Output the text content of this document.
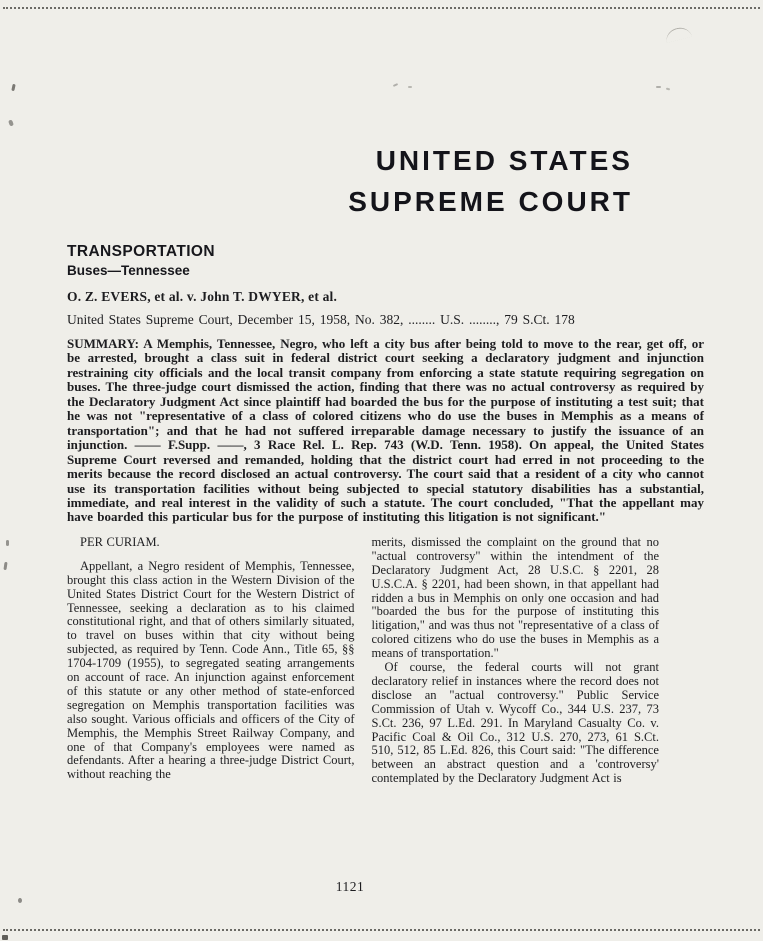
UNITED STATES
SUPREME COURT
TRANSPORTATION
Buses—Tennessee

O. Z. EVERS, et al. v. John T. DWYER, et al.

United States Supreme Court, December 15, 1958, No. 382, ........ U.S. ........, 79 S.Ct. 178

SUMMARY: A Memphis, Tennessee, Negro, who left a city bus after being told to move to the rear, get off, or be arrested, brought a class suit in federal district court seeking a declaratory judgment and injunction restraining city officials and the local transit company from enforcing a state statute requiring segregation on buses. The three-judge court dismissed the action, finding that there was no actual controversy as required by the Declaratory Judgment Act since plaintiff had boarded the bus for the purpose of instituting a test suit; that he was not "representative of a class of colored citizens who do use the buses in Memphis as a means of transportation"; and that he had not suffered irreparable damage necessary to justify the issuance of an injunction. —— F.Supp. ——, 3 Race Rel. L. Rep. 743 (W.D. Tenn. 1958). On appeal, the United States Supreme Court reversed and remanded, holding that the district court had erred in not proceeding to the merits because the record disclosed an actual controversy. The court said that a resident of a city who cannot use its transportation facilities without being subjected to special statutory disabilities has a substantial, immediate, and real interest in the validity of such a statute. The court concluded, "That the appellant may have boarded this particular bus for the purpose of instituting this litigation is not significant."

PER CURIAM.

Appellant, a Negro resident of Memphis, Tennessee, brought this class action in the Western Division of the United States District Court for the Western District of Tennessee, seeking a declaration as to his claimed constitutional right, and that of others similarly situated, to travel on buses within that city without being subjected, as required by Tenn. Code Ann., Title 65, §§ 1704-1709 (1955), to segregated seating arrangements on account of race. An injunction against enforcement of this statute or any other method of state-enforced segregation on Memphis transportation facilities was also sought. Various officials and officers of the City of Memphis, the Memphis Street Railway Company, and one of that Company's employees were named as defendants. After a hearing a three-judge District Court, without reaching the

merits, dismissed the complaint on the ground that no "actual controversy" within the intendment of the Declaratory Judgment Act, 28 U.S.C. § 2201, 28 U.S.C.A. § 2201, had been shown, in that appellant had ridden a bus in Memphis on only one occasion and had "boarded the bus for the purpose of instituting this litigation," and was thus not "representative of a class of colored citizens who do use the buses in Memphis as a means of transportation."

Of course, the federal courts will not grant declaratory relief in instances where the record does not disclose an "actual controversy." Public Service Commission of Utah v. Wycoff Co., 344 U.S. 237, 73 S.Ct. 236, 97 L.Ed. 291. In Maryland Casualty Co. v. Pacific Coal & Oil Co., 312 U.S. 270, 273, 61 S.Ct. 510, 512, 85 L.Ed. 826, this Court said: "The difference between an abstract question and a 'controversy' contemplated by the Declaratory Judgment Act is

1121
